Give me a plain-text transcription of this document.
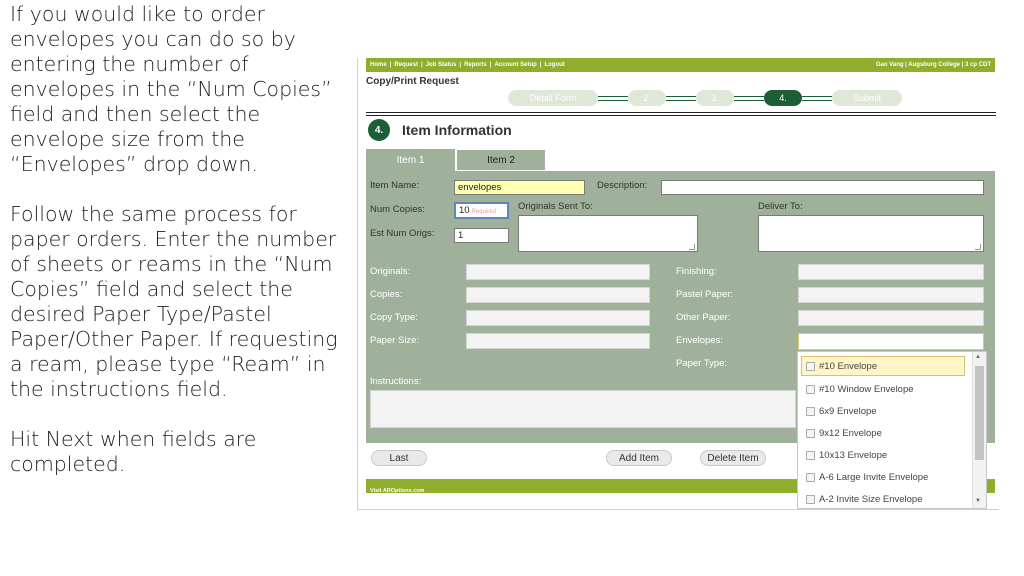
If you would like to order envelopes you can do so by entering the number of envelopes in the “Num Copies” field and then select the envelope size from the “Envelopes” drop down.

Follow the same process for paper orders. Enter the number of sheets or reams in the “Num Copies” field and select the desired Paper Type/Pastel Paper/Other Paper. If requesting a ream, please type “Ream” in the instructions field.

Hit Next when fields are completed.

Home | Request | Job Status | Reports | Account Setup | Logout	Gao Vang | Augsburg College | 3 cp CDT
Copy/Print Request
Detail Form	2.	3.	4.	Submit
4.	Item Information
Item 1	Item 2
Item Name:	envelopes	Description:
Num Copies:	10 Required	Originals Sent To:	Deliver To:
Est Num Origs:	1
Originals:
Copies:
Copy Type:
Paper Size:
Finishing:
Pastel Paper:
Other Paper:
Envelopes:
Paper Type:
Instructions:
Last	Add Item	Delete Item
Visit AROptions.com
#10 Envelope
#10 Window Envelope
6x9 Envelope
9x12 Envelope
10x13 Envelope
A-6 Large Invite Envelope
A-2 Invite Size Envelope
▲
▼
